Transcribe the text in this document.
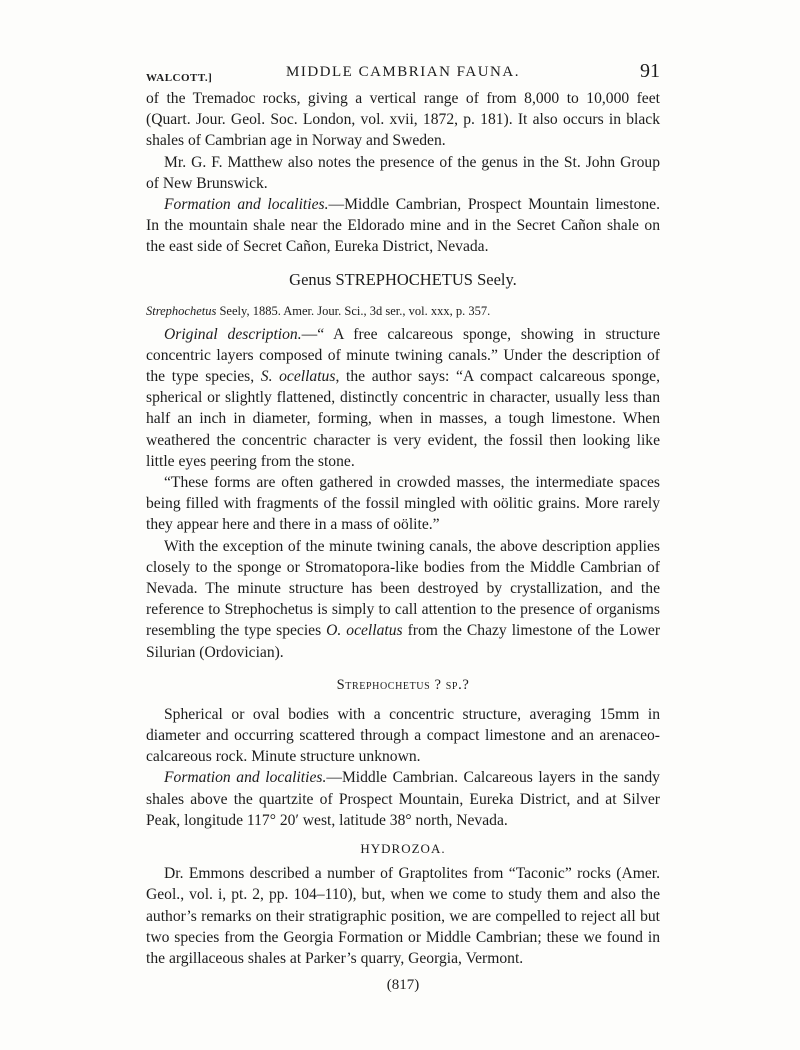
WALCOTT.]	MIDDLE CAMBRIAN FAUNA.	91

of the Tremadoc rocks, giving a vertical range of from 8,000 to 10,000 feet (Quart. Jour. Geol. Soc. London, vol. xvii, 1872, p. 181). It also occurs in black shales of Cambrian age in Norway and Sweden.

Mr. G. F. Matthew also notes the presence of the genus in the St. John Group of New Brunswick.

Formation and localities.—Middle Cambrian, Prospect Mountain limestone. In the mountain shale near the Eldorado mine and in the Secret Cañon shale on the east side of Secret Cañon, Eureka District, Nevada.

Genus STREPHOCHETUS Seely.

Strephochetus Seely, 1885. Amer. Jour. Sci., 3d ser., vol. xxx, p. 357.

Original description.—“ A free calcareous sponge, showing in structure concentric layers composed of minute twining canals.” Under the description of the type species, S. ocellatus, the author says: “A compact calcareous sponge, spherical or slightly flattened, distinctly concentric in character, usually less than half an inch in diameter, forming, when in masses, a tough limestone. When weathered the concentric character is very evident, the fossil then looking like little eyes peering from the stone.

“These forms are often gathered in crowded masses, the intermediate spaces being filled with fragments of the fossil mingled with oölitic grains. More rarely they appear here and there in a mass of oölite.”

With the exception of the minute twining canals, the above description applies closely to the sponge or Stromatopora-like bodies from the Middle Cambrian of Nevada. The minute structure has been destroyed by crystallization, and the reference to Strephochetus is simply to call attention to the presence of organisms resembling the type species O. ocellatus from the Chazy limestone of the Lower Silurian (Ordovician).

Strephochetus ? sp.?

Spherical or oval bodies with a concentric structure, averaging 15mm in diameter and occurring scattered through a compact limestone and an arenaceo-calcareous rock. Minute structure unknown.

Formation and localities.—Middle Cambrian. Calcareous layers in the sandy shales above the quartzite of Prospect Mountain, Eureka District, and at Silver Peak, longitude 117° 20′ west, latitude 38° north, Nevada.

HYDROZOA.

Dr. Emmons described a number of Graptolites from “Taconic” rocks (Amer. Geol., vol. i, pt. 2, pp. 104–110), but, when we come to study them and also the author’s remarks on their stratigraphic position, we are compelled to reject all but two species from the Georgia Formation or Middle Cambrian; these we found in the argillaceous shales at Parker’s quarry, Georgia, Vermont.

(817)
